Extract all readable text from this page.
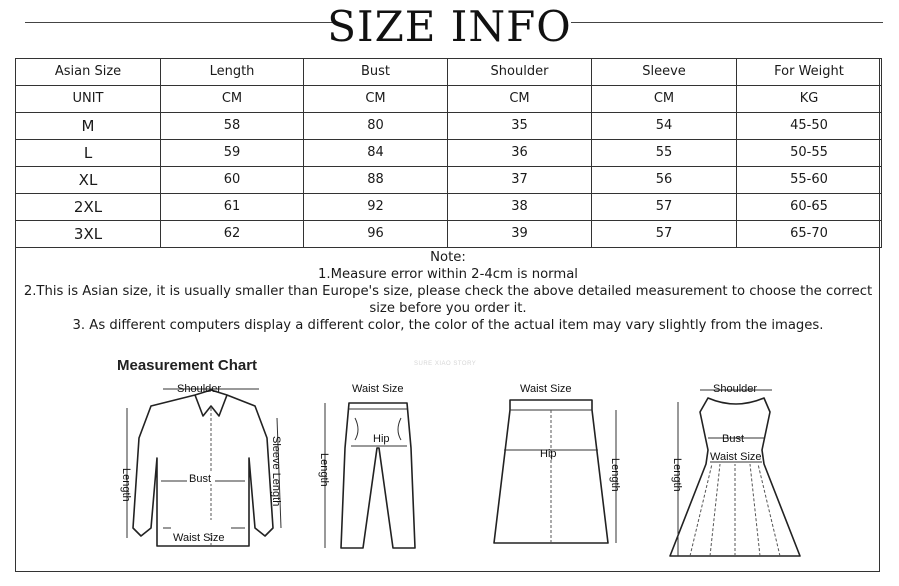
SIZE INFO
Asian Size	Length	Bust	Shoulder	Sleeve	For Weight
UNIT	CM	CM	CM	CM	KG
M	58	80	35	54	45-50
L	59	84	36	55	50-55
XL	60	88	37	56	55-60
2XL	61	92	38	57	60-65
3XL	62	96	39	57	65-70
Note:
1.Measure error within 2-4cm is normal
2.This is Asian size, it is usually smaller than Europe's size, please check the above detailed measurement to choose the correct size before you order it.
3. As different computers display a different color, the color of the actual item may vary slightly from the images.
Measurement Chart	SURE XIAO STORY
Shoulder
Bust
Waist Size
Length	Sleeve Length
Waist Size
Hip
Length
Waist Size
Hip
Length
Shoulder
Bust
Waist Size
Length
